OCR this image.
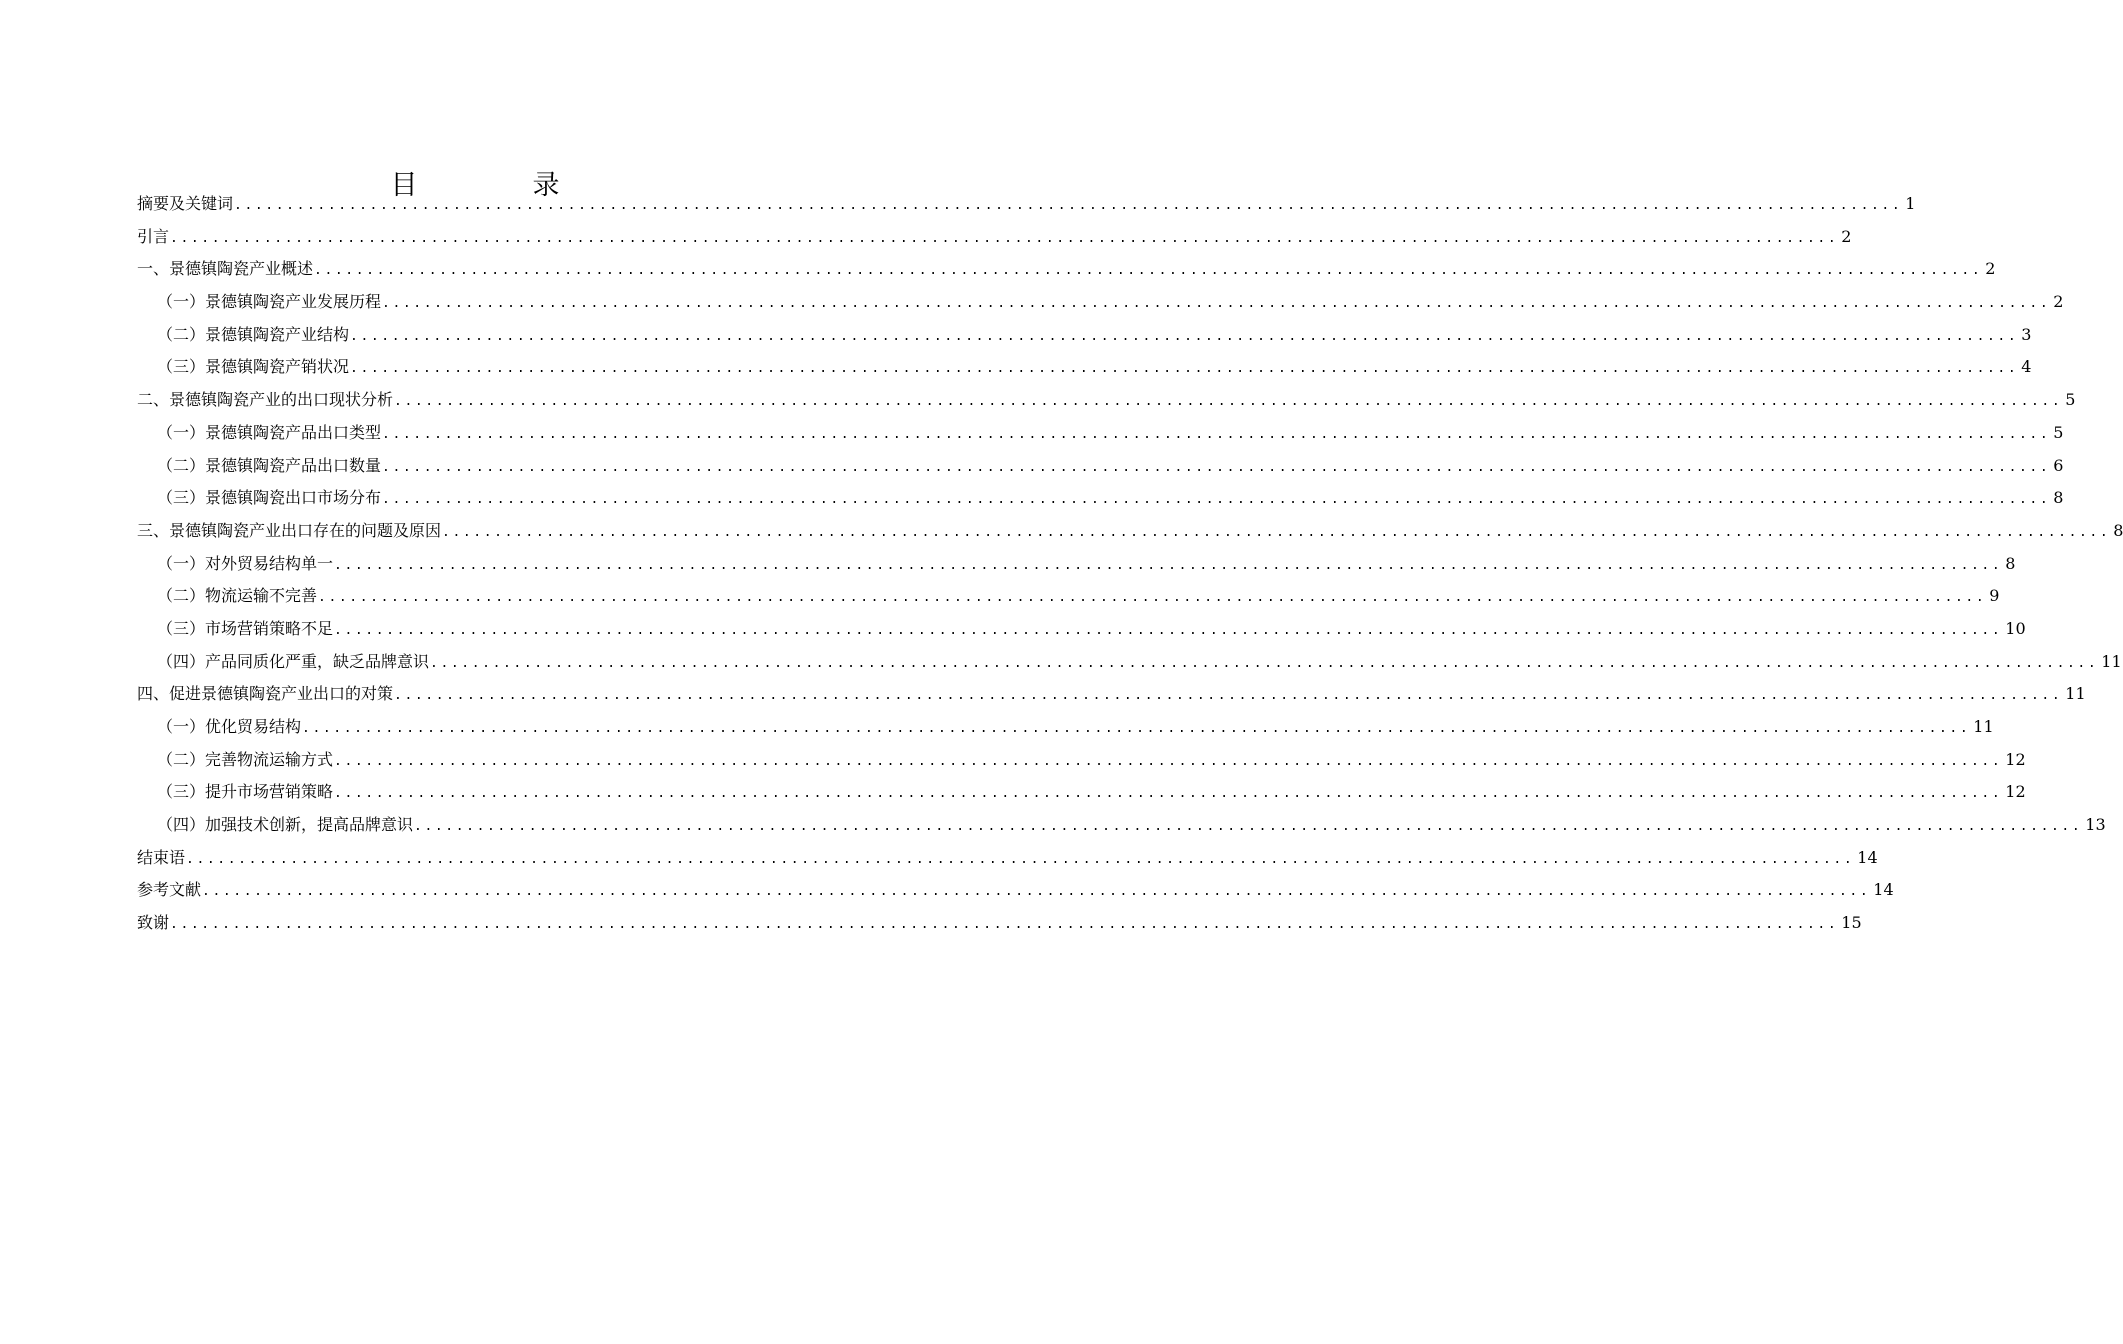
目　录
摘要及关键词 ................................................................................................................................................................ 1
引言 ................................................................................................................................................................ 2
一、景德镇陶瓷产业概述 ................................................................................................................................................................ 2
（一）景德镇陶瓷产业发展历程 ................................................................................................................................................................ 2
（二）景德镇陶瓷产业结构 ................................................................................................................................................................ 3
（三）景德镇陶瓷产销状况 ................................................................................................................................................................ 4
二、景德镇陶瓷产业的出口现状分析 ................................................................................................................................................................ 5
（一）景德镇陶瓷产品出口类型 ................................................................................................................................................................ 5
（二）景德镇陶瓷产品出口数量 ................................................................................................................................................................ 6
（三）景德镇陶瓷出口市场分布 ................................................................................................................................................................ 8
三、景德镇陶瓷产业出口存在的问题及原因 ................................................................................................................................................................ 8
（一）对外贸易结构单一 ................................................................................................................................................................ 8
（二）物流运输不完善 ................................................................................................................................................................ 9
（三）市场营销策略不足 ................................................................................................................................................................ 10
（四）产品同质化严重，缺乏品牌意识 ................................................................................................................................................................ 11
四、促进景德镇陶瓷产业出口的对策 ................................................................................................................................................................ 11
（一）优化贸易结构 ................................................................................................................................................................ 11
（二）完善物流运输方式 ................................................................................................................................................................ 12
（三）提升市场营销策略 ................................................................................................................................................................ 12
（四）加强技术创新，提高品牌意识 ................................................................................................................................................................ 13
结束语 ................................................................................................................................................................ 14
参考文献 ................................................................................................................................................................ 14
致谢 ................................................................................................................................................................ 15
